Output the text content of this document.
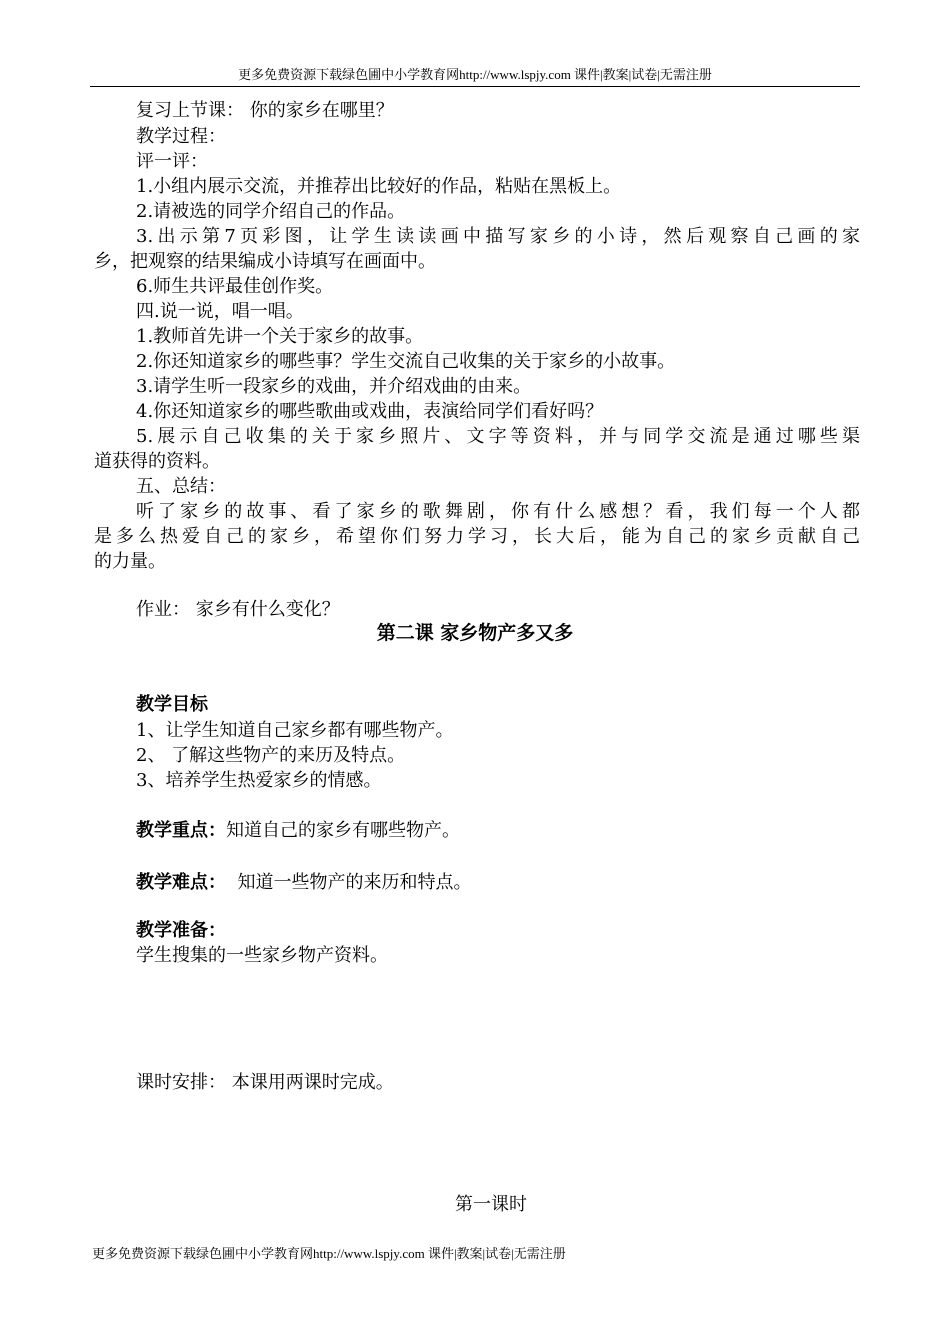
更多免费资源下载绿色圃中小学教育网http://www.lspjy.com 课件|教案|试卷|无需注册
复习上节课： 你的家乡在哪里？
教学过程：
评一评：
1.小组内展示交流，并推荐出比较好的作品，粘贴在黑板上。
2.请被选的同学介绍自己的作品。
3.出示第7页彩图，让学生读读画中描写家乡的小诗，然后观察自己画的家
乡，把观察的结果编成小诗填写在画面中。
6.师生共评最佳创作奖。
四.说一说，唱一唱。
1.教师首先讲一个关于家乡的故事。
2.你还知道家乡的哪些事？学生交流自己收集的关于家乡的小故事。
3.请学生听一段家乡的戏曲，并介绍戏曲的由来。
4.你还知道家乡的哪些歌曲或戏曲，表演给同学们看好吗？
5.展示自己收集的关于家乡照片、文字等资料，并与同学交流是通过哪些渠
道获得的资料。
五、总结：
听了家乡的故事、看了家乡的歌舞剧，你有什么感想？看，我们每一个人都
是多么热爱自己的家乡，希望你们努力学习，长大后，能为自己的家乡贡献自己
的力量。
作业： 家乡有什么变化？
第二课 家乡物产多又多
教学目标
1、让学生知道自己家乡都有哪些物产。
2、 了解这些物产的来历及特点。
3、培养学生热爱家乡的情感。
教学重点：知道自己的家乡有哪些物产。
教学难点：  知道一些物产的来历和特点。
教学准备：
学生搜集的一些家乡物产资料。
课时安排： 本课用两课时完成。
第一课时
更多免费资源下载绿色圃中小学教育网http://www.lspjy.com 课件|教案|试卷|无需注册
